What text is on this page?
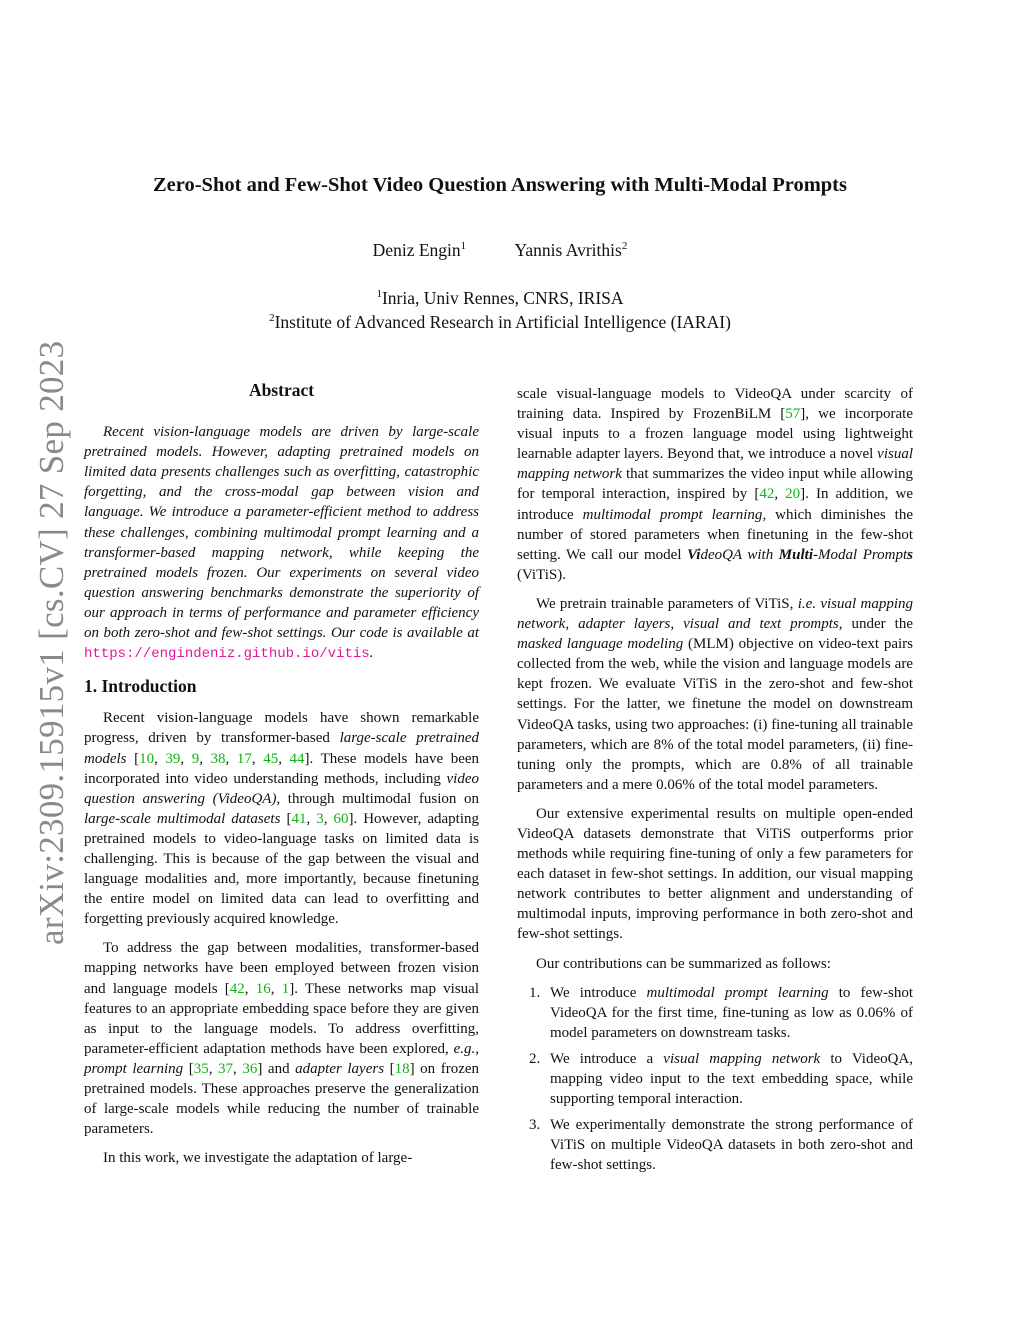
arXiv:2309.15915v1 [cs.CV] 27 Sep 2023
Zero-Shot and Few-Shot Video Question Answering with Multi-Modal Prompts
Deniz Engin$^1$	Yannis Avrithis$^2$
$^1$Inria, Univ Rennes, CNRS, IRISA
$^2$Institute of Advanced Research in Artificial Intelligence (IARAI)
Abstract

Recent vision-language models are driven by large-scale pretrained models. However, adapting pretrained models on limited data presents challenges such as overfitting, catastrophic forgetting, and the cross-modal gap between vision and language. We introduce a parameter-efficient method to address these challenges, combining multimodal prompt learning and a transformer-based mapping network, while keeping the pretrained models frozen. Our experiments on several video question answering benchmarks demonstrate the superiority of our approach in terms of performance and parameter efficiency on both zero-shot and few-shot settings. Our code is available at https://engindeniz.github.io/vitis.

1. Introduction

Recent vision-language models have shown remarkable progress, driven by transformer-based large-scale pretrained models [10, 39, 9, 38, 17, 45, 44]. These models have been incorporated into video understanding methods, including video question answering (VideoQA), through multimodal fusion on large-scale multimodal datasets [41, 3, 60]. However, adapting pretrained models to video-language tasks on limited data is challenging. This is because of the gap between the visual and language modalities and, more importantly, because finetuning the entire model on limited data can lead to overfitting and forgetting previously acquired knowledge.

To address the gap between modalities, transformer-based mapping networks have been employed between frozen vision and language models [42, 16, 1]. These networks map visual features to an appropriate embedding space before they are given as input to the language models. To address overfitting, parameter-efficient adaptation methods have been explored, e.g., prompt learning [35, 37, 36] and adapter layers [18] on frozen pretrained models. These approaches preserve the generalization of large-scale models while reducing the number of trainable parameters.

In this work, we investigate the adaptation of large-

scale visual-language models to VideoQA under scarcity of training data. Inspired by FrozenBiLM [57], we incorporate visual inputs to a frozen language model using lightweight learnable adapter layers. Beyond that, we introduce a novel visual mapping network that summarizes the video input while allowing for temporal interaction, inspired by [42, 20]. In addition, we introduce multimodal prompt learning, which diminishes the number of stored parameters when finetuning in the few-shot setting. We call our model VideoQA with Multi-Modal Prompts (ViTiS).

We pretrain trainable parameters of ViTiS, i.e. visual mapping network, adapter layers, visual and text prompts, under the masked language modeling (MLM) objective on video-text pairs collected from the web, while the vision and language models are kept frozen. We evaluate ViTiS in the zero-shot and few-shot settings. For the latter, we finetune the model on downstream VideoQA tasks, using two approaches: (i) fine-tuning all trainable parameters, which are 8% of the total model parameters, (ii) fine-tuning only the prompts, which are 0.8% of all trainable parameters and a mere 0.06% of the total model parameters.

Our extensive experimental results on multiple open-ended VideoQA datasets demonstrate that ViTiS outperforms prior methods while requiring fine-tuning of only a few parameters for each dataset in few-shot settings. In addition, our visual mapping network contributes to better alignment and understanding of multimodal inputs, improving performance in both zero-shot and few-shot settings.

Our contributions can be summarized as follows:

1. We introduce multimodal prompt learning to few-shot VideoQA for the first time, fine-tuning as low as 0.06% of model parameters on downstream tasks.
2. We introduce a visual mapping network to VideoQA, mapping video input to the text embedding space, while supporting temporal interaction.
3. We experimentally demonstrate the strong performance of ViTiS on multiple VideoQA datasets in both zero-shot and few-shot settings.
